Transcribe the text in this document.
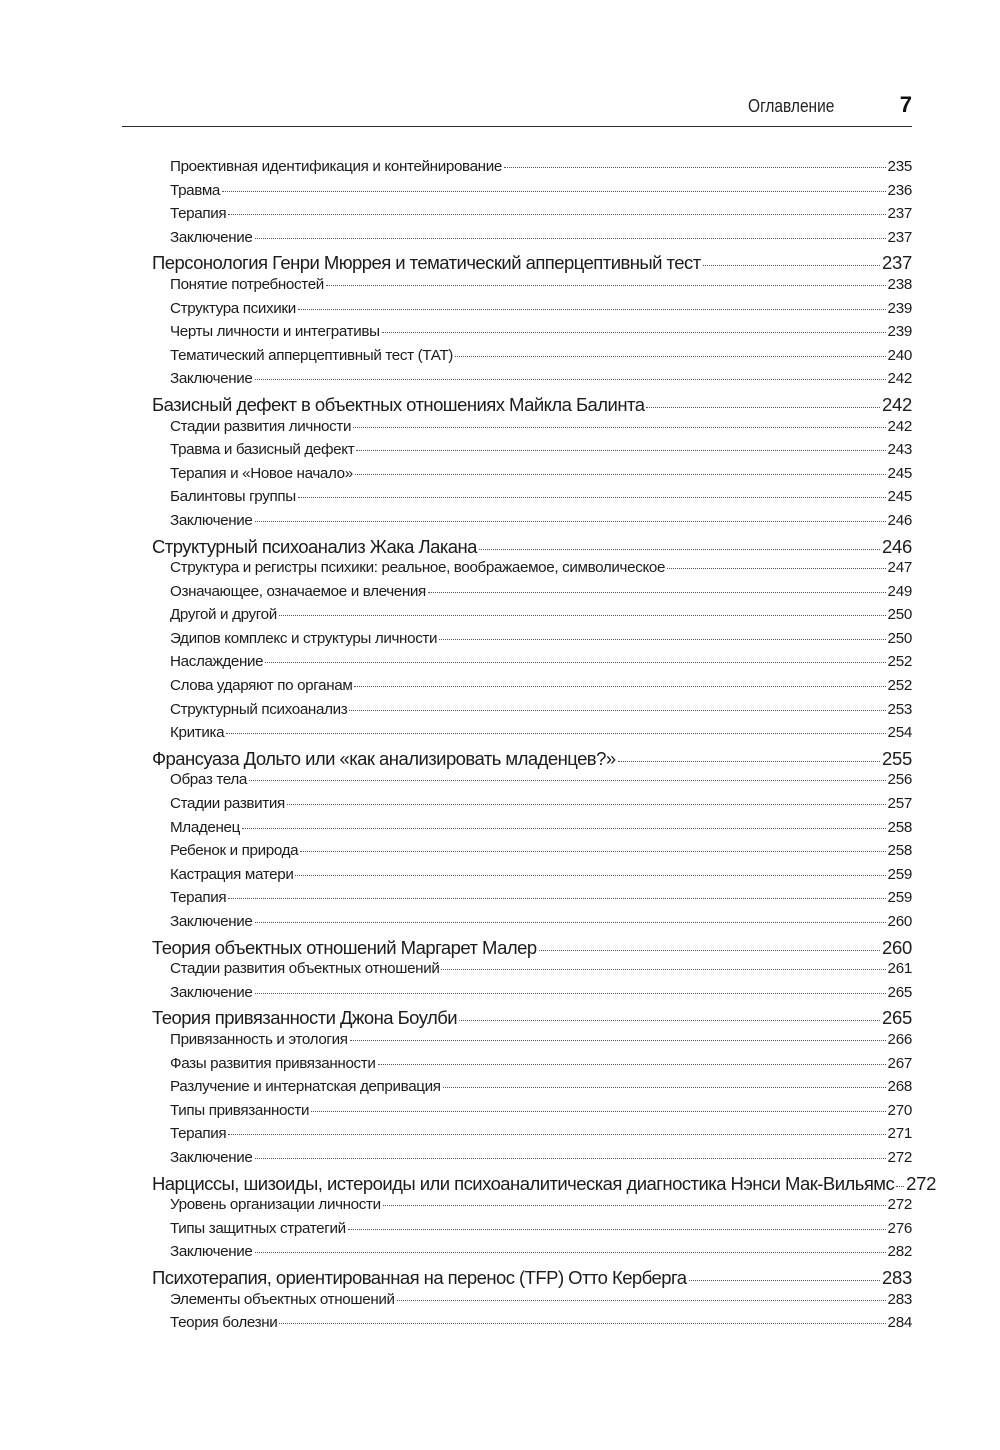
Оглавление	7
Проективная идентификация и контейнирование	235
Травма	236
Терапия	237
Заключение	237
Персонология Генри Мюррея и тематический апперцептивный тест	237
Понятие потребностей	238
Структура психики	239
Черты личности и интегративы	239
Тематический апперцептивный тест (ТАТ)	240
Заключение	242
Базисный дефект в объектных отношениях Майкла Балинта	242
Стадии развития личности	242
Травма и базисный дефект	243
Терапия и «Новое начало»	245
Балинтовы группы	245
Заключение	246
Структурный психоанализ Жака Лакана	246
Структура и регистры психики: реальное, воображаемое, символическое	247
Означающее, означаемое и влечения	249
Другой и другой	250
Эдипов комплекс и структуры личности	250
Наслаждение	252
Слова ударяют по органам	252
Структурный психоанализ	253
Критика	254
Франсуаза Дольто или «как анализировать младенцев?»	255
Образ тела	256
Стадии развития	257
Младенец	258
Ребенок и природа	258
Кастрация матери	259
Терапия	259
Заключение	260
Теория объектных отношений Маргарет Малер	260
Стадии развития объектных отношений	261
Заключение	265
Теория привязанности Джона Боулби	265
Привязанность и этология	266
Фазы развития привязанности	267
Разлучение и интернатская депривация	268
Типы привязанности	270
Терапия	271
Заключение	272
Нарциссы, шизоиды, истероиды или психоаналитическая диагностика Нэнси Мак-Вильямс 272
Уровень организации личности	272
Типы защитных стратегий	276
Заключение	282
Психотерапия, ориентированная на перенос (TFP) Отто Керберга	283
Элементы объектных отношений	283
Теория болезни	284
